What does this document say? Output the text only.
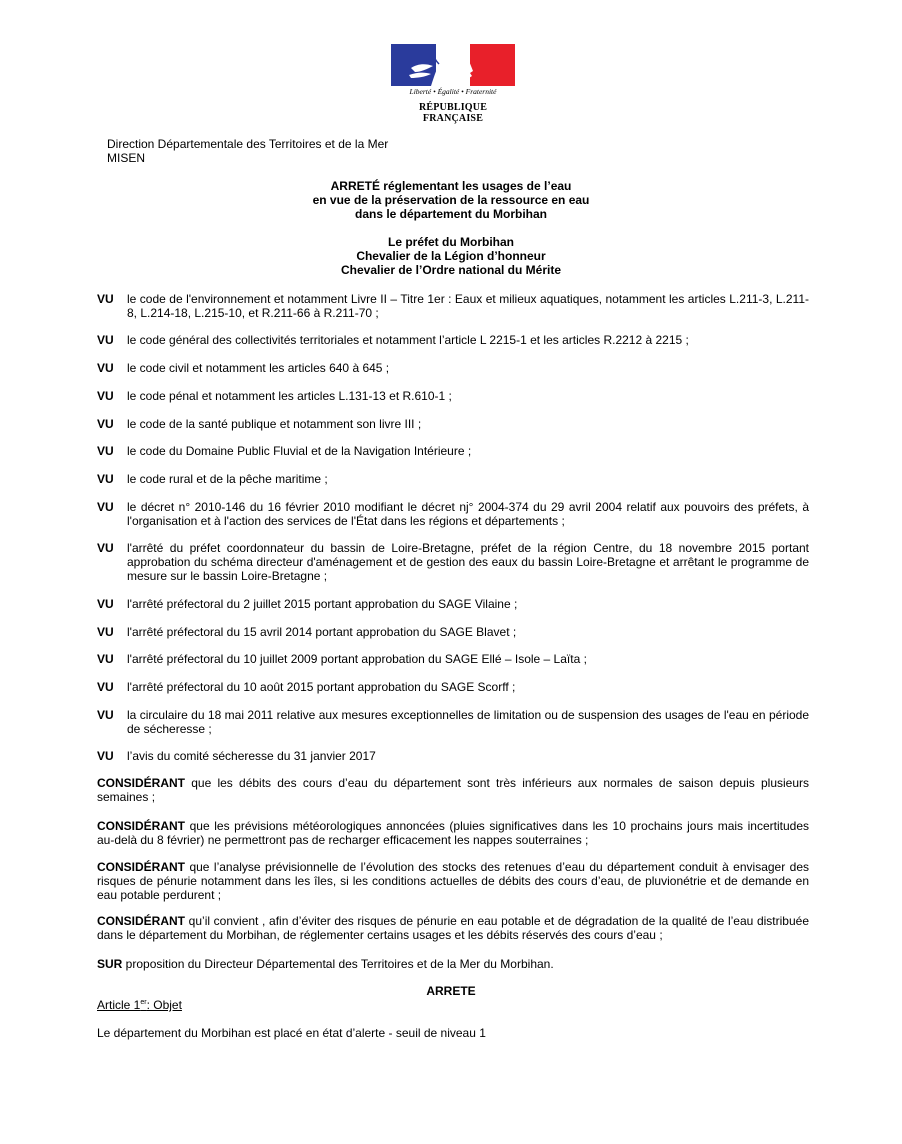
Liberté • Égalité • Fraternité
RÉPUBLIQUE FRANÇAISE
Direction Départementale des Territoires et de la Mer
MISEN
ARRETÉ réglementant les usages de l’eau
en vue de la préservation de la ressource en eau
dans le département du Morbihan
Le préfet du Morbihan
Chevalier de la Légion d’honneur
Chevalier de l’Ordre national du Mérite
VU le code de l'environnement et notamment Livre II – Titre 1er : Eaux et milieux aquatiques, notamment les articles L.211-3, L.211-8, L.214-18, L.215-10, et R.211-66 à R.211-70 ;
VU le code général des collectivités territoriales et notamment l’article L 2215-1 et les articles R.2212 à 2215 ;
VU le code civil et notamment les articles 640 à 645 ;
VU le code pénal et notamment les articles L.131-13 et R.610-1 ;
VU le code de la santé publique et notamment son livre III ;
VU le code du Domaine Public Fluvial et de la Navigation Intérieure ;
VU le code rural et de la pêche maritime ;
VU le décret n° 2010-146 du 16 février 2010 modifiant le décret nј° 2004-374 du 29 avril 2004 relatif aux pouvoirs des préfets, à l'organisation et à l'action des services de l'État dans les régions et départements ;
VU l'arrêté du préfet coordonnateur du bassin de Loire-Bretagne, préfet de la région Centre, du 18 novembre 2015 portant approbation du schéma directeur d'aménagement et de gestion des eaux du bassin Loire-Bretagne et arrêtant le programme de mesure sur le bassin Loire-Bretagne ;
VU l'arrêté préfectoral du 2 juillet 2015 portant approbation du SAGE Vilaine ;
VU l'arrêté préfectoral du 15 avril 2014 portant approbation du SAGE Blavet ;
VU l'arrêté préfectoral du 10 juillet 2009 portant approbation du SAGE Ellé – Isole – Laïta ;
VU l'arrêté préfectoral du 10 août 2015 portant approbation du SAGE Scorff ;
VU la circulaire du 18 mai 2011 relative aux mesures exceptionnelles de limitation ou de suspension des usages de l'eau en période de sécheresse ;
VU l’avis du comité sécheresse du 31 janvier 2017
CONSIDÉRANT que les débits des cours d’eau du département sont très inférieurs aux normales de saison depuis plusieurs semaines ;
CONSIDÉRANT que les prévisions météorologiques annoncées (pluies significatives dans les 10 prochains jours mais incertitudes au-delà du 8 février) ne permettront pas de recharger efficacement les nappes souterraines ;
CONSIDÉRANT que l’analyse prévisionnelle de l’évolution des stocks des retenues d’eau du département conduit à envisager des risques de pénurie notamment dans les îles, si les conditions actuelles de débits des cours d’eau, de pluvionétrie et de demande en eau potable perdurent ;
CONSIDÉRANT qu’il convient , afin d’éviter des risques de pénurie en eau potable et de dégradation de la qualité de l’eau distribuée dans le département du Morbihan, de réglementer certains usages et les débits réservés des cours d’eau ;
SUR proposition du Directeur Départemental des Territoires et de la Mer du Morbihan.
ARRETE
Article 1er: Objet
Le département du Morbihan est placé en état d’alerte - seuil de niveau 1
